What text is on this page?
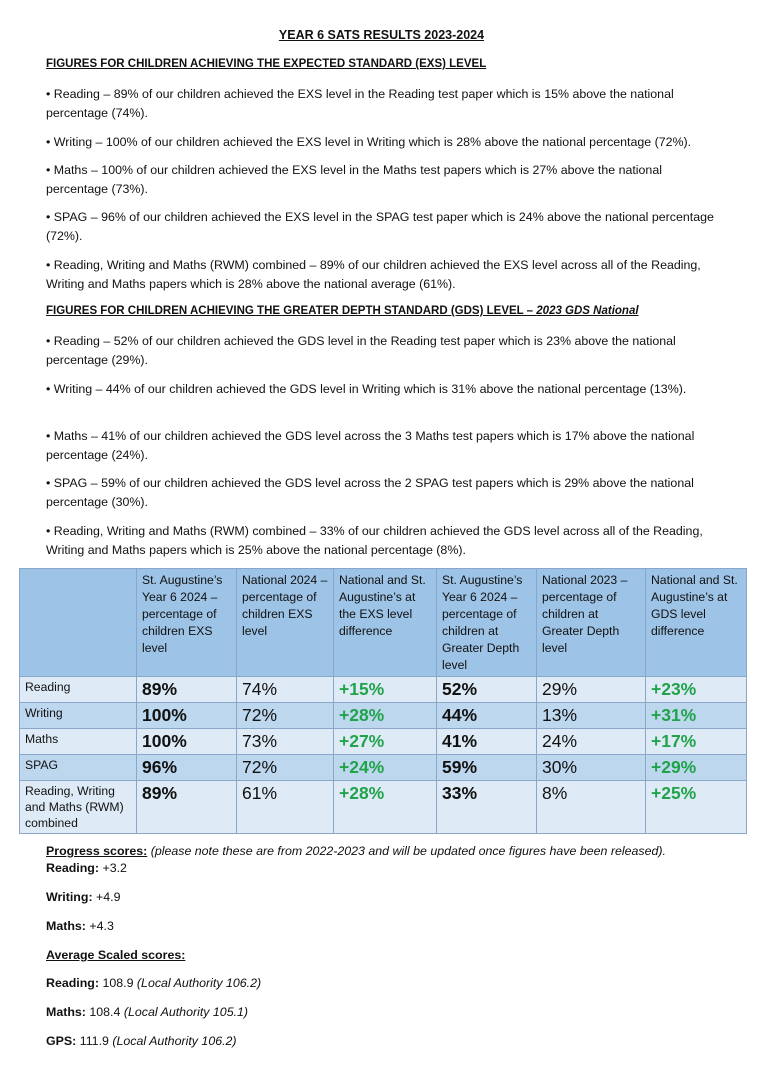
YEAR 6 SATS RESULTS 2023-2024
FIGURES FOR CHILDREN ACHIEVING THE EXPECTED STANDARD (EXS) LEVEL
• Reading – 89% of our children achieved the EXS level in the Reading test paper which is 15% above the national percentage (74%).
• Writing – 100% of our children achieved the EXS level in Writing which is 28% above the national percentage (72%).
• Maths – 100% of our children achieved the EXS level in the Maths test papers which is 27% above the national percentage (73%).
• SPAG – 96% of our children achieved the EXS level in the SPAG test paper which is 24% above the national percentage (72%).
• Reading, Writing and Maths (RWM) combined – 89% of our children achieved the EXS level across all of the Reading, Writing and Maths papers which is 28% above the national average (61%).
FIGURES FOR CHILDREN ACHIEVING THE GREATER DEPTH STANDARD (GDS) LEVEL – 2023 GDS National
• Reading – 52% of our children achieved the GDS level in the Reading test paper which is 23% above the national percentage (29%).
• Writing – 44% of our children achieved the GDS level in Writing which is 31% above the national percentage (13%).
• Maths – 41% of our children achieved the GDS level across the 3 Maths test papers which is 17% above the national percentage (24%).
• SPAG – 59% of our children achieved the GDS level across the 2 SPAG test papers which is 29% above the national percentage (30%).
• Reading, Writing and Maths (RWM) combined – 33% of our children achieved the GDS level across all of the Reading, Writing and Maths papers which is 25% above the national percentage (8%).
	St. Augustine’s Year 6 2024 – percentage of children EXS level	National 2024 – percentage of children EXS level	National and St. Augustine’s at the EXS level difference	St. Augustine’s Year 6 2024 – percentage of children at Greater Depth level	National 2023 – percentage of children at Greater Depth level	National and St. Augustine’s at GDS level difference
Reading	89%	74%	+15%	52%	29%	+23%
Writing	100%	72%	+28%	44%	13%	+31%
Maths	100%	73%	+27%	41%	24%	+17%
SPAG	96%	72%	+24%	59%	30%	+29%
Reading, Writing and Maths (RWM) combined	89%	61%	+28%	33%	8%	+25%
Progress scores: (please note these are from 2022-2023 and will be updated once figures have been released).
Reading: +3.2
Writing: +4.9
Maths: +4.3
Average Scaled scores:
Reading: 108.9 (Local Authority 106.2)
Maths: 108.4 (Local Authority 105.1)
GPS: 111.9 (Local Authority 106.2)
